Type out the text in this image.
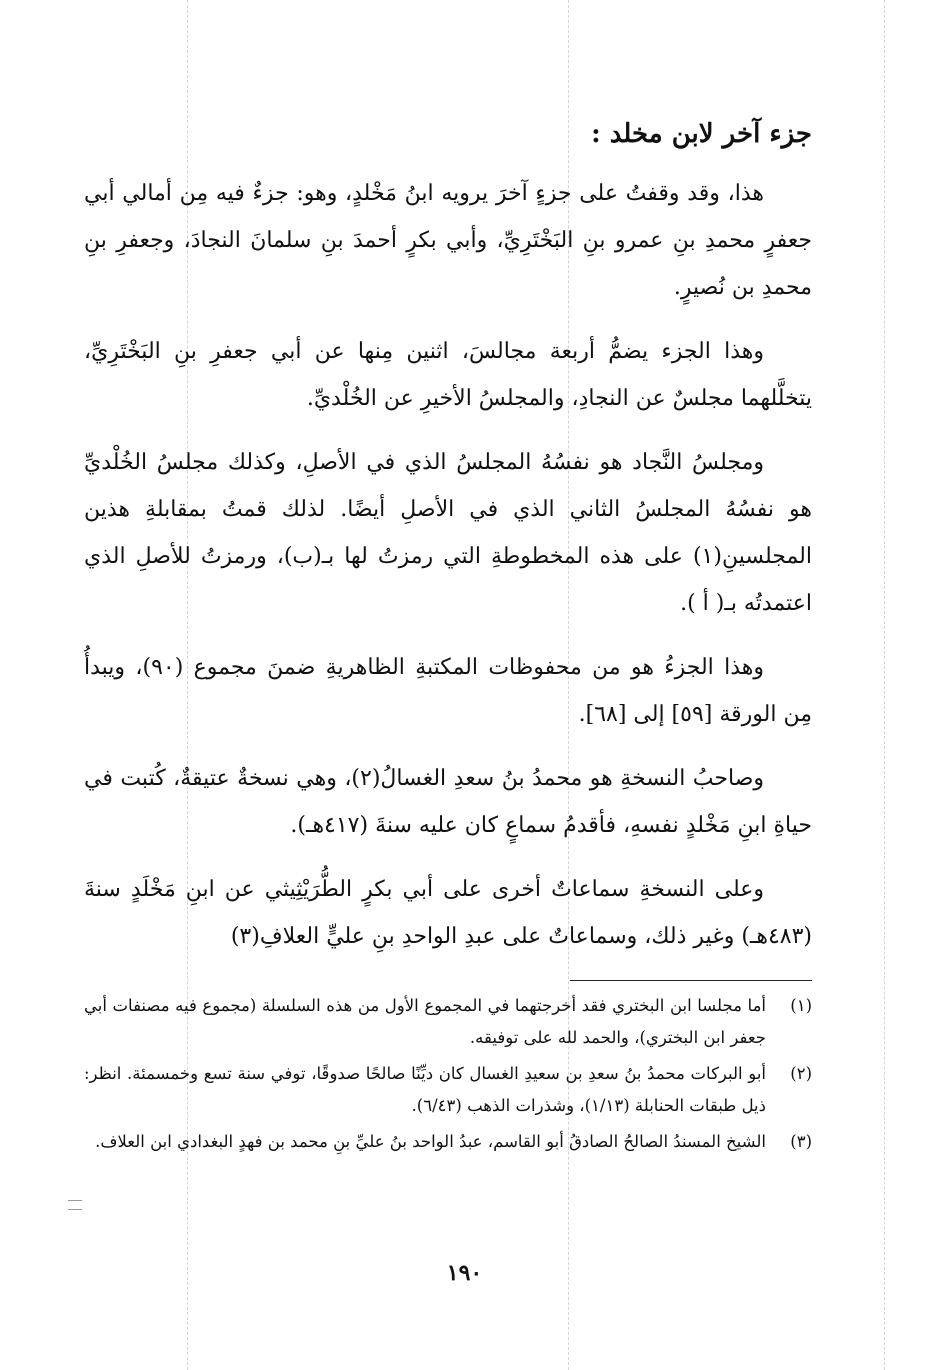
جزء آخر لابن مخلد :

هذا، وقد وقفتُ على جزءٍ آخرَ يرويه ابنُ مَخْلدٍ، وهو: جزءٌ فيه مِن أمالي أبي جعفرٍ محمدِ بنِ عمرو بنِ البَخْتَرِيِّ، وأبي بكرٍ أحمدَ بنِ سلمانَ النجادَ، وجعفرِ بنِ محمدِ بن نُصيرٍ.

وهذا الجزء يضمُّ أربعة مجالسَ، اثنين مِنها عن أبي جعفرِ بنِ البَخْتَرِيِّ، يتخلَّلهما مجلسٌ عن النجادِ، والمجلسُ الأخيرِ عن الخُلْديِّ.

ومجلسُ النَّجاد هو نفسُهُ المجلسُ الذي في الأصلِ، وكذلك مجلسُ الخُلْديِّ هو نفسُهُ المجلسُ الثاني الذي في الأصلِ أيضًا. لذلك قمتُ بمقابلةِ هذين المجلسينِ(١) على هذه المخطوطةِ التي رمزتُ لها بـ(ب)، ورمزتُ للأصلِ الذي اعتمدتُه بـ( أ ).

وهذا الجزءُ هو من محفوظات المكتبةِ الظاهريةِ ضمنَ مجموع (٩٠)، ويبدأُ مِن الورقة [٥٩] إلى [٦٨].

وصاحبُ النسخةِ هو محمدُ بنُ سعدِ الغسالُ(٢)، وهي نسخةٌ عتيقةٌ، كُتبت في حياةِ ابنِ مَخْلدٍ نفسهِ، فأقدمُ سماعٍ كان عليه سنةَ (٤١٧هـ).

وعلى النسخةِ سماعاتٌ أخرى على أبي بكرٍ الطُّرَيْثِيثي عن ابنِ مَخْلَدٍ سنةَ (٤٨٣هـ) وغير ذلك، وسماعاتٌ على عبدِ الواحدِ بنِ عليٍّ العلافِ(٣)

(١)
أما مجلسا ابن البختري فقد أخرجتهما في المجموع الأول من هذه السلسلة (مجموع فيه مصنفات أبي جعفر ابن البختري)، والحمد لله على توفيقه.
(٢)
أبو البركات محمدُ بنُ سعدِ بن سعيدِ الغسال كان ديِّنًا صالحًا صدوقًا، توفي سنة تسع وخمسمئة. انظر: ذيل طبقات الحنابلة (١/١٣)، وشذرات الذهب (٦/٤٣).
(٣)
الشيخ المسندُ الصالحُ الصادقُ أبو القاسم، عبدُ الواحد بنُ عليِّ بنِ محمد بن فهدٍ البغدادي ابن العلاف.
١٩٠
